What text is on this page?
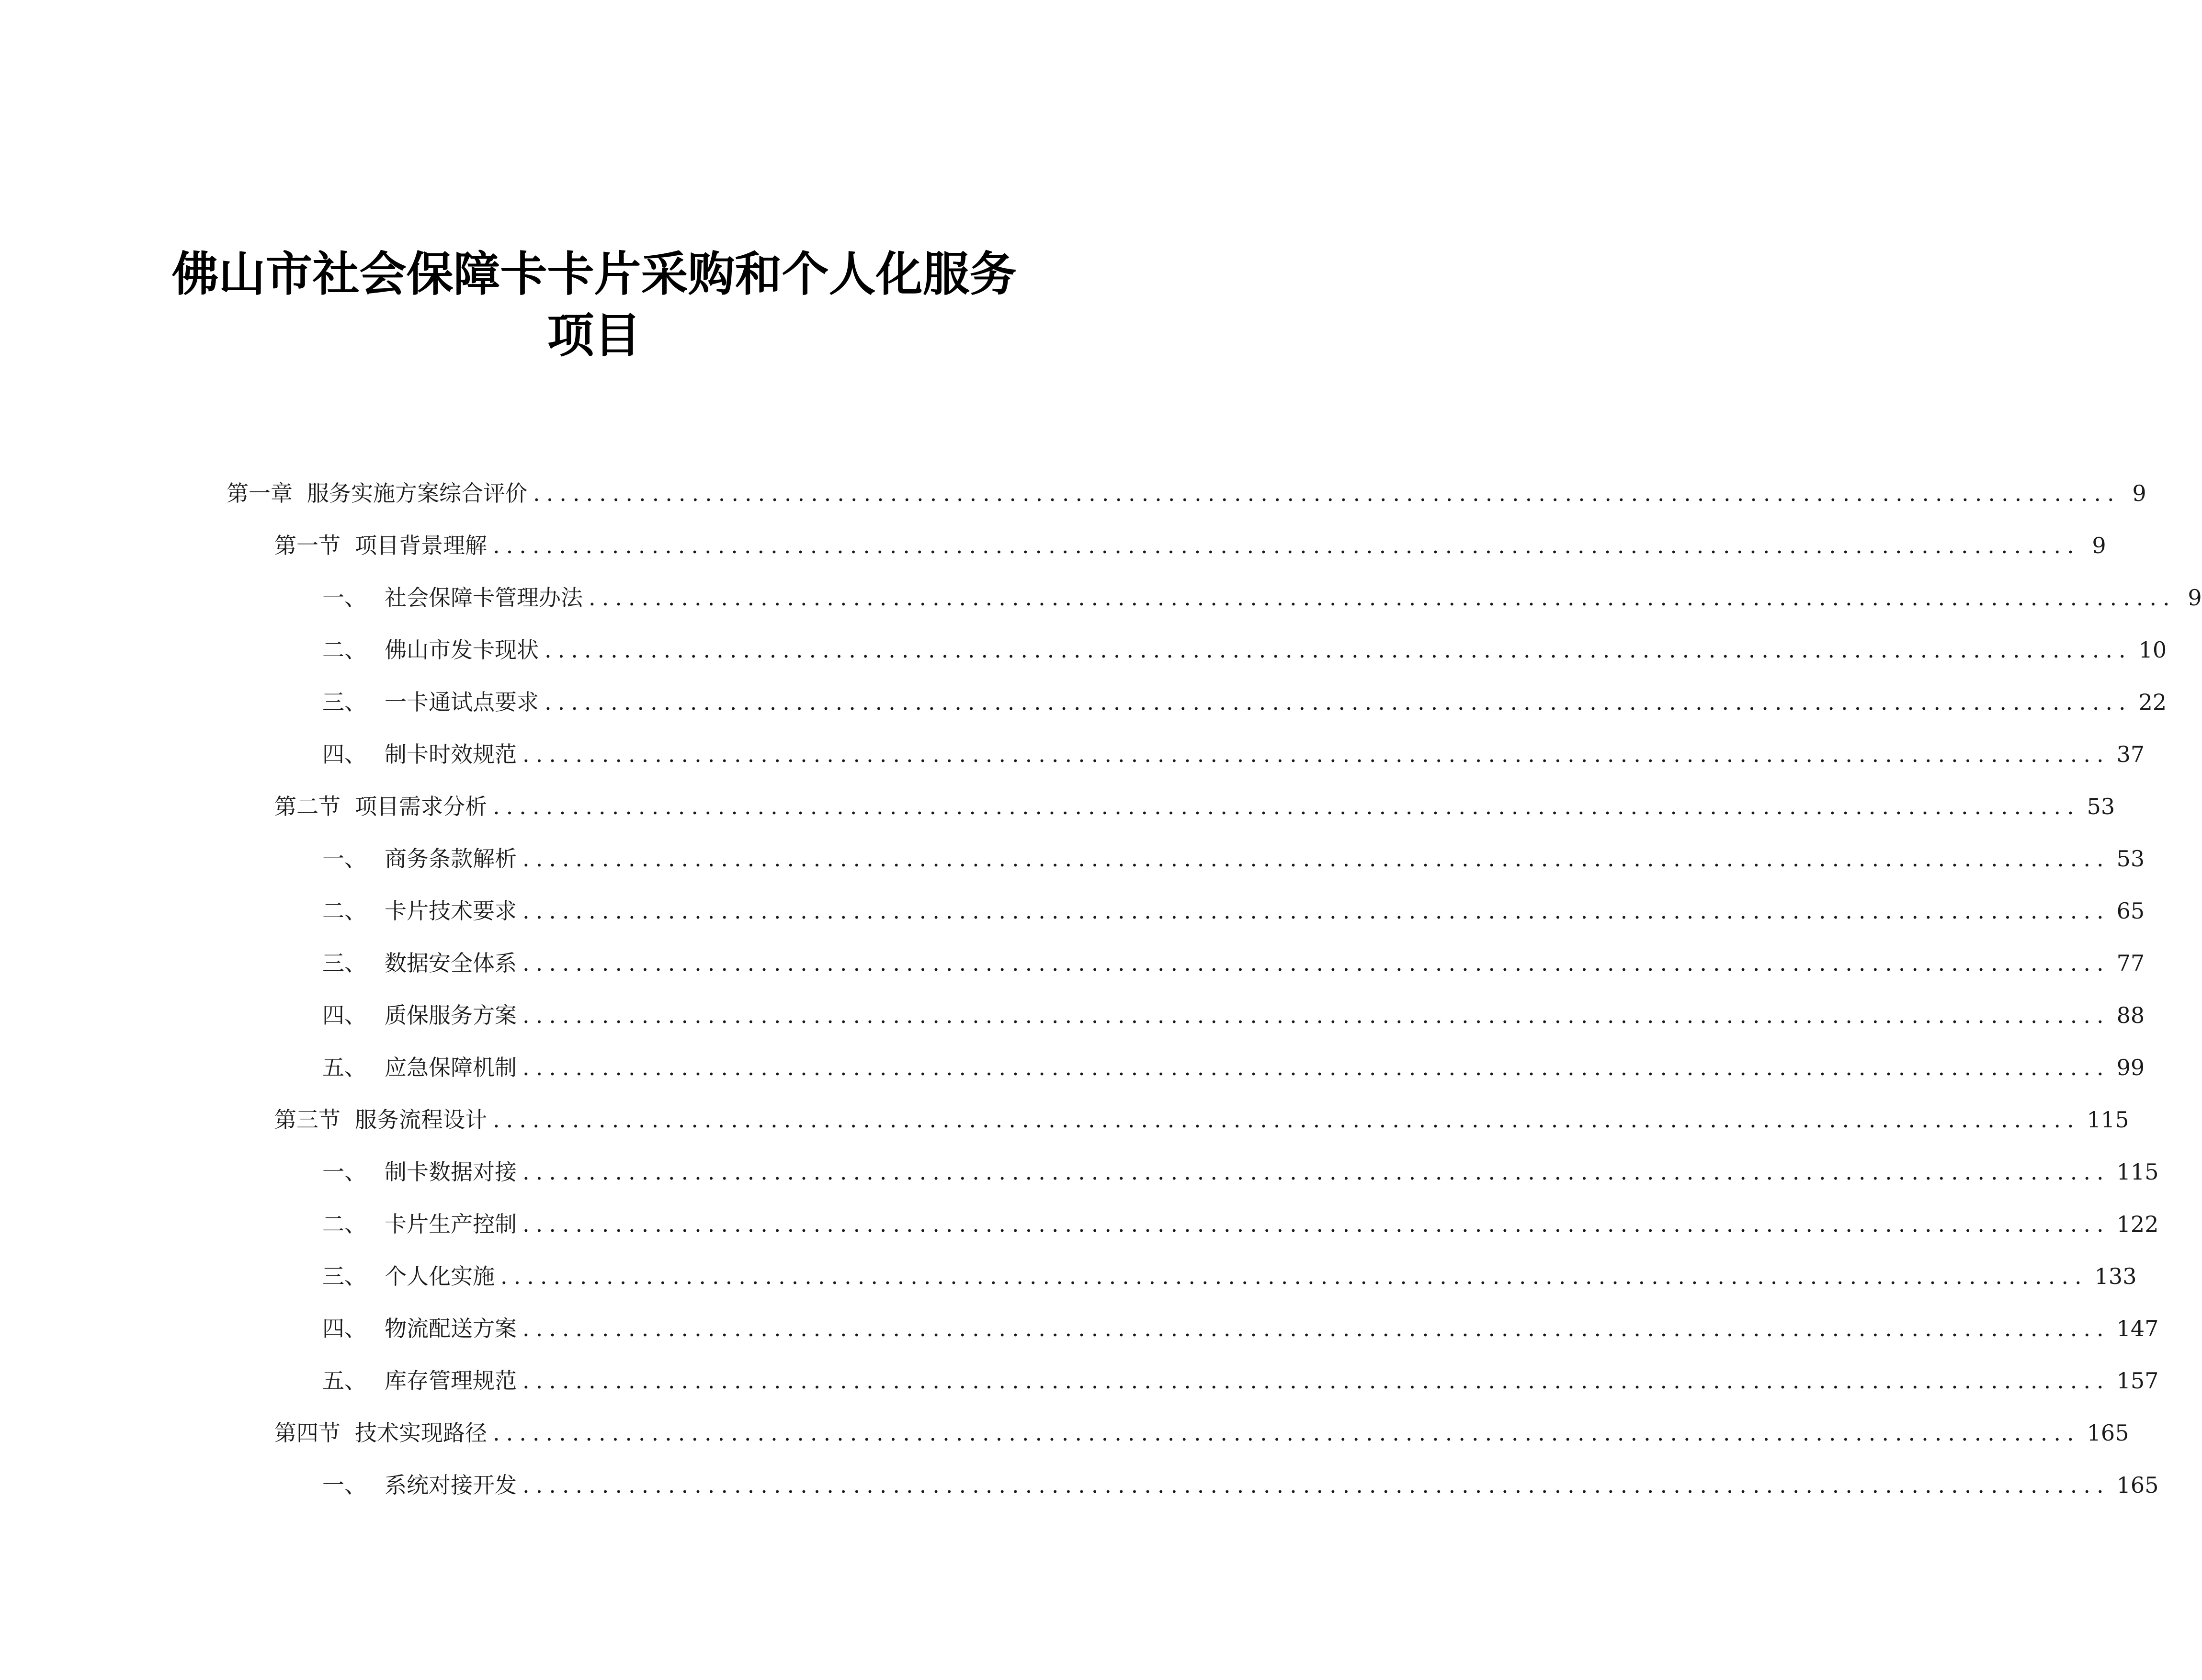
佛山市社会保障卡卡片采购和个人化服务
项目
第一章 服务实施方案综合评价 ........................................................................................................................ 9
第一节 项目背景理解 ........................................................................................................................ 9
一、 社会保障卡管理办法 ........................................................................................................................ 9
二、 佛山市发卡现状 ........................................................................................................................ 10
三、 一卡通试点要求 ........................................................................................................................ 22
四、 制卡时效规范 ........................................................................................................................ 37
第二节 项目需求分析 ........................................................................................................................ 53
一、 商务条款解析 ........................................................................................................................ 53
二、 卡片技术要求 ........................................................................................................................ 65
三、 数据安全体系 ........................................................................................................................ 77
四、 质保服务方案 ........................................................................................................................ 88
五、 应急保障机制 ........................................................................................................................ 99
第三节 服务流程设计 ........................................................................................................................ 115
一、 制卡数据对接 ........................................................................................................................ 115
二、 卡片生产控制 ........................................................................................................................ 122
三、 个人化实施 ........................................................................................................................ 133
四、 物流配送方案 ........................................................................................................................ 147
五、 库存管理规范 ........................................................................................................................ 157
第四节 技术实现路径 ........................................................................................................................ 165
一、 系统对接开发 ........................................................................................................................ 165
